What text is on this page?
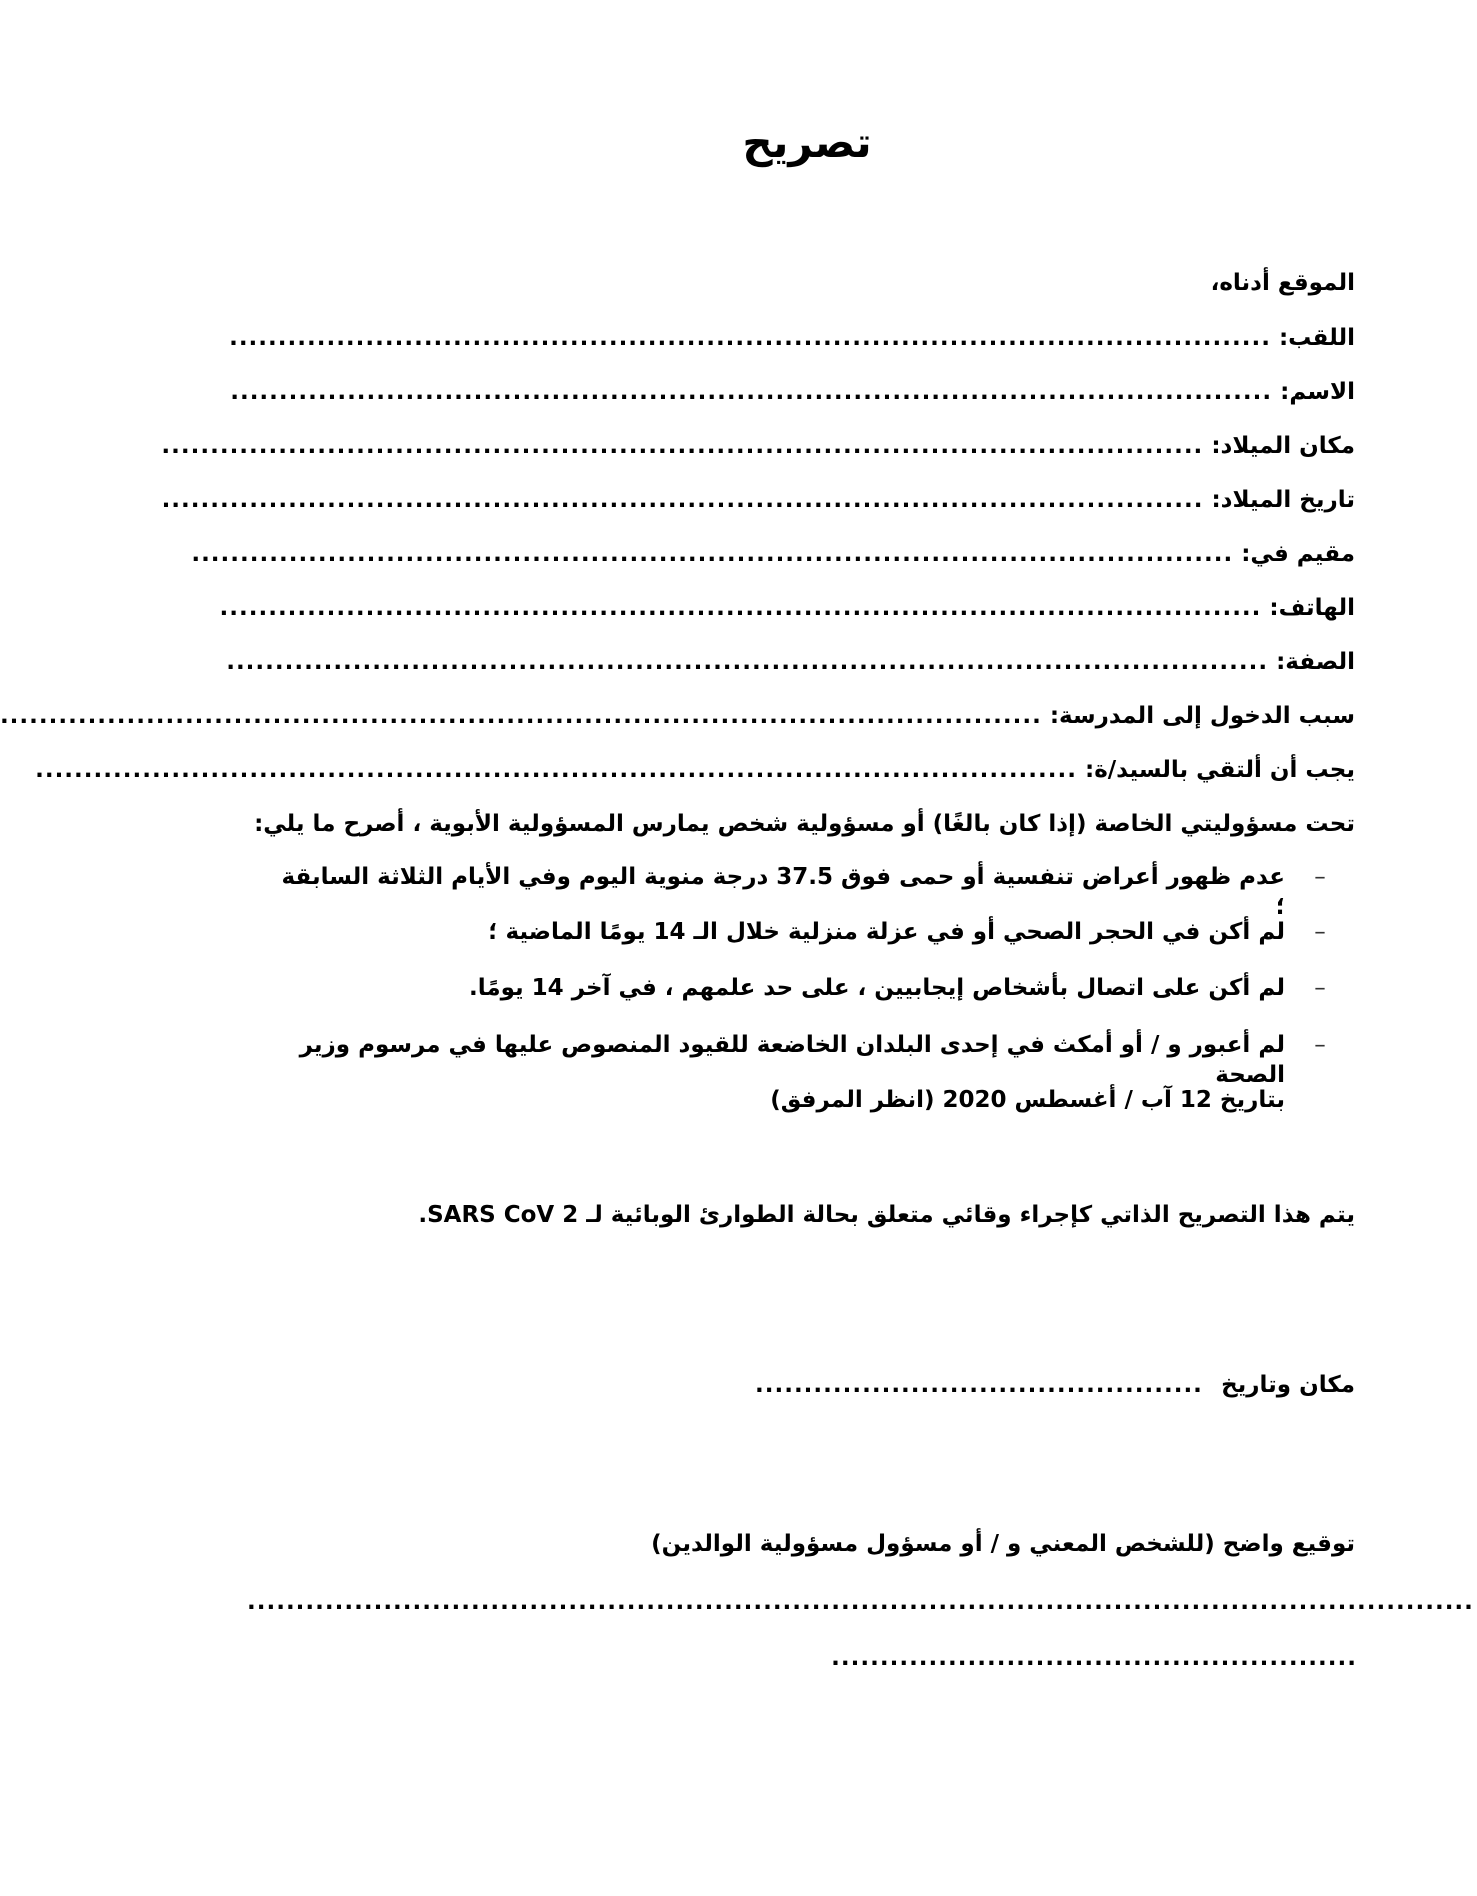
تصريح
الموقع أدناه،
اللقب:
...........................................................................................................
الاسم:
...........................................................................................................
مكان الميلاد:
...........................................................................................................
تاريخ الميلاد:
...........................................................................................................
مقيم في:
...........................................................................................................
الهاتف:
...........................................................................................................
الصفة:
...........................................................................................................
سبب الدخول إلى المدرسة:
...........................................................................................................
يجب أن ألتقي بالسيد/ة:
...........................................................................................................
تحت مسؤوليتي الخاصة (إذا كان بالغًا) أو مسؤولية شخص يمارس المسؤولية الأبوية ، أصرح ما يلي:
–
عدم ظهور أعراض تنفسية أو حمى فوق 37.5 درجة منوية اليوم وفي الأيام الثلاثة السابقة ؛
–
لم أكن في الحجر الصحي أو في عزلة منزلية خلال الـ 14 يومًا الماضية ؛
–
لم أكن على اتصال بأشخاص إيجابيين ، على حد علمهم ، في آخر 14 يومًا.
–
لم أعبور و / أو أمكث في إحدى البلدان الخاضعة للقيود المنصوص عليها في مرسوم وزير الصحة
بتاريخ 12 آب / أغسطس 2020 (انظر المرفق)
يتم هذا التصريح الذاتي كإجراء وقائي متعلق بحالة الطوارئ الوبائية لـ SARS CoV 2.
مكان وتاريخ
..............................................
توقيع واضح (للشخص المعني و / أو مسؤول مسؤولية الوالدين)
..............................................................................................................................
......................................................
